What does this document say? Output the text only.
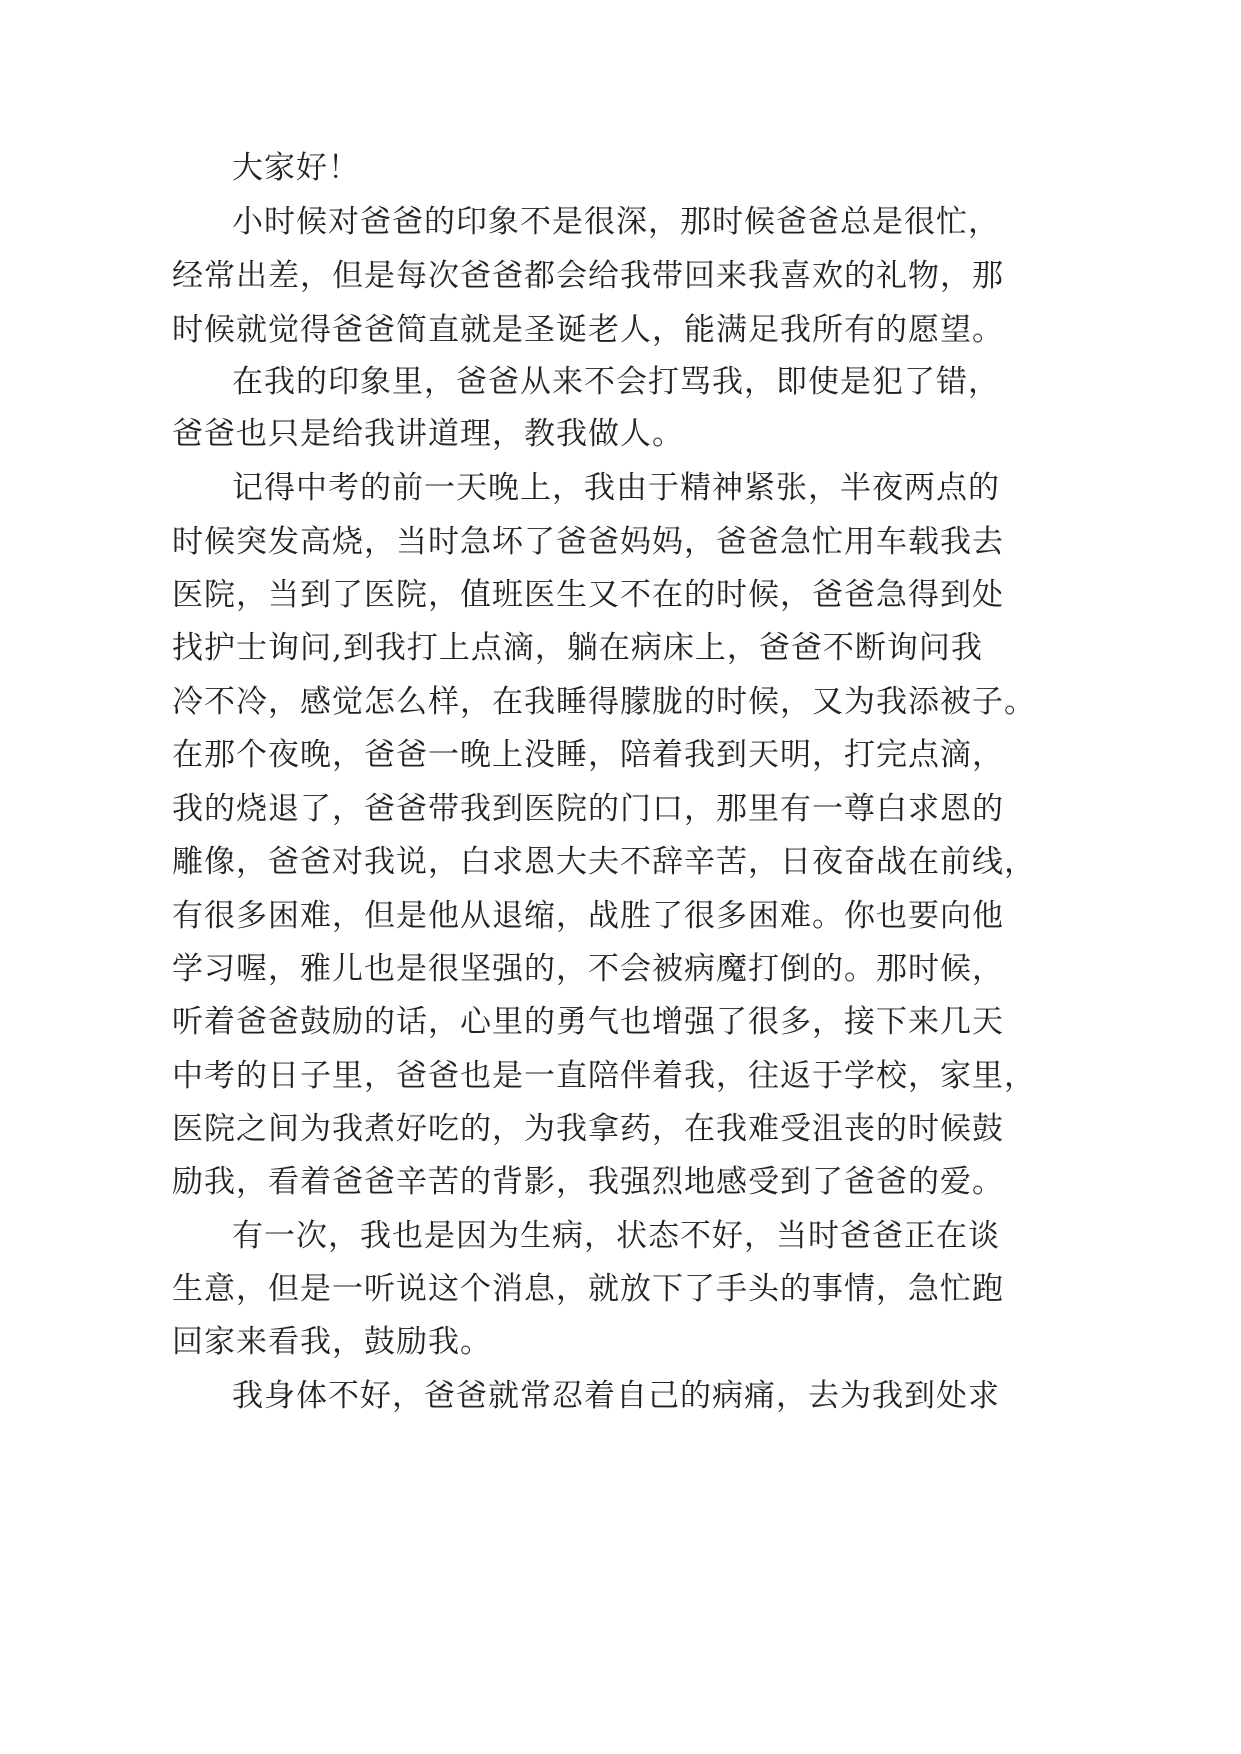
大家好！
小时候对爸爸的印象不是很深，那时候爸爸总是很忙，
经常出差，但是每次爸爸都会给我带回来我喜欢的礼物，那
时候就觉得爸爸简直就是圣诞老人，能满足我所有的愿望。
在我的印象里，爸爸从来不会打骂我，即使是犯了错，
爸爸也只是给我讲道理，教我做人。
记得中考的前一天晚上，我由于精神紧张，半夜两点的
时候突发高烧，当时急坏了爸爸妈妈，爸爸急忙用车载我去
医院，当到了医院，值班医生又不在的时候，爸爸急得到处
找护士询问,到我打上点滴，躺在病床上，爸爸不断询问我
冷不冷，感觉怎么样，在我睡得朦胧的时候，又为我添被子。
在那个夜晚，爸爸一晚上没睡，陪着我到天明，打完点滴，
我的烧退了，爸爸带我到医院的门口，那里有一尊白求恩的
雕像，爸爸对我说，白求恩大夫不辞辛苦，日夜奋战在前线，
有很多困难，但是他从退缩，战胜了很多困难。你也要向他
学习喔，雅儿也是很坚强的，不会被病魔打倒的。那时候，
听着爸爸鼓励的话，心里的勇气也增强了很多，接下来几天
中考的日子里，爸爸也是一直陪伴着我，往返于学校，家里，
医院之间为我煮好吃的，为我拿药，在我难受沮丧的时候鼓
励我，看着爸爸辛苦的背影，我强烈地感受到了爸爸的爱。
有一次，我也是因为生病，状态不好，当时爸爸正在谈
生意，但是一听说这个消息，就放下了手头的事情，急忙跑
回家来看我，鼓励我。
我身体不好，爸爸就常忍着自己的病痛，去为我到处求
